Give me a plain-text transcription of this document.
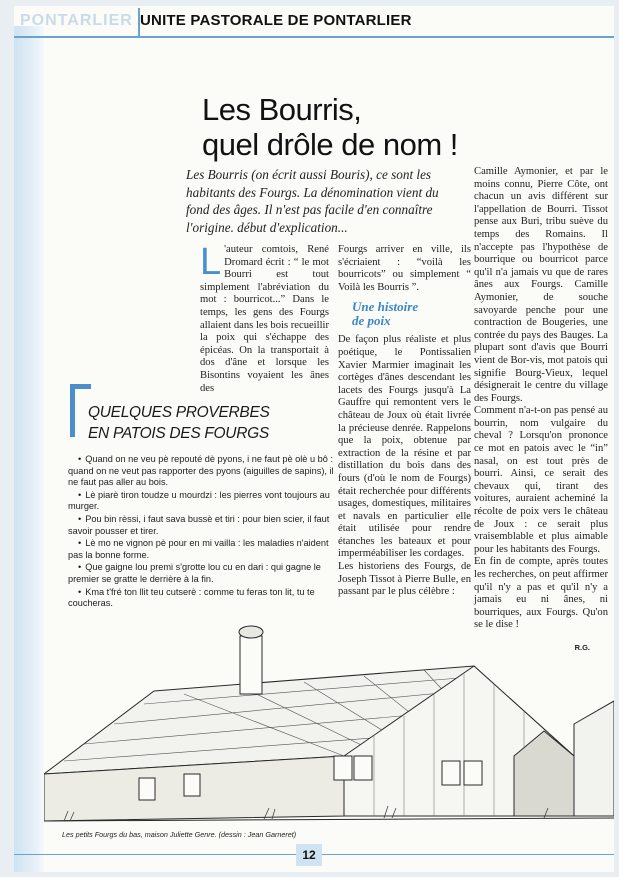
PONTARLIER UNITE PASTORALE DE PONTARLIER
Les Bourris,
quel drôle de nom !
Les Bourris (on écrit aussi Bouris), ce sont les habitants des Fourgs. La dénomination vient du fond des âges. Il n'est pas facile d'en connaître l'origine. début d'explication...

L 'auteur comtois, René Dromard écrit : “ le mot Bourri est tout simplement l'abréviation du mot : bourricot...” Dans le temps, les gens des Fourgs allaient dans les bois recueillir la poix qui s'échappe des épicéas. On la transportait à dos d'âne et lorsque les Bisontins voyaient les ânes des

Fourgs arriver en ville, ils s'écriaient : “voilà les bourricots” ou simplement “ Voilà les Bourris ”.

Une histoire
de poix

De façon plus réaliste et plus poétique, le Pontissalien Xavier Marmier imaginait les cortèges d'ânes descendant les lacets des Fourgs jusqu'à La Gauffre qui remontent vers le château de Joux où était livrée la précieuse denrée. Rappelons que la poix, obtenue par extraction de la résine et par distillation du bois dans des fours (d'où le nom de Fourgs) était recherchée pour différents usages, domestiques, militaires et navals en particulier elle était utilisée pour rendre étanches les bateaux et pour imperméabiliser les cordages.

Les historiens des Fourgs, de Joseph Tissot à Pierre Bulle, en passant par le plus célèbre :

Camille Aymonier, et par le moins connu, Pierre Côte, ont chacun un avis différent sur l'appellation de Bourri. Tissot pense aux Buri, tribu suève du temps des Romains. Il n'accepte pas l'hypothèse de bourrique ou bourricot parce qu'il n'a jamais vu que de rares ânes aux Fourgs. Camille Aymonier, de souche savoyarde penche pour une contraction de Bougeries, une contrée du pays des Bauges. La plupart sont d'avis que Bourri vient de Bor-vis, mot patois qui signifie Bourg-Vieux, lequel désignerait le centre du village des Fourgs.

Comment n'a-t-on pas pensé au bourrin, nom vulgaire du cheval ? Lorsqu'on prononce ce mot en patois avec le “in” nasal, on est tout près de bourri. Ainsi, ce serait des chevaux qui, tirant des voitures, auraient acheminé la récolte de poix vers le château de Joux : ce serait plus vraisemblable et plus aimable pour les habitants des Fourgs.

En fin de compte, après toutes les recherches, on peut affirmer qu'il n'y a pas et qu'il n'y a jamais eu ni ânes, ni bourriques, aux Fourgs. Qu'on se le dise !

R.G.
QUELQUES PROVERBES
EN PATOIS DES FOURGS

• Quand on ne veu pè repouté dè pyons, i ne faut pè olè u bô : quand on ne veut pas rapporter des pyons (aiguilles de sapins), il ne faut pas aller au bois.

• Lè piarè tiron toudze u mourdzi : les pierres vont toujours au murger.

• Pou bin rèssi, i faut sava bussè et tiri : pour bien scier, il faut savoir pousser et tirer.

• Lè mo ne vignon pè pour en mi vailla : les maladies n'aident pas la bonne forme.

• Que gaigne lou premi s'grotte lou cu en dari : qui gagne le premier se gratte le derrière à la fin.

• Kma t'fré ton llit teu cutserè : comme tu feras ton lit, tu te coucheras.

Les petits Fourgs du bas, maison Juliette Genre. (dessin : Jean Garneret)
12
